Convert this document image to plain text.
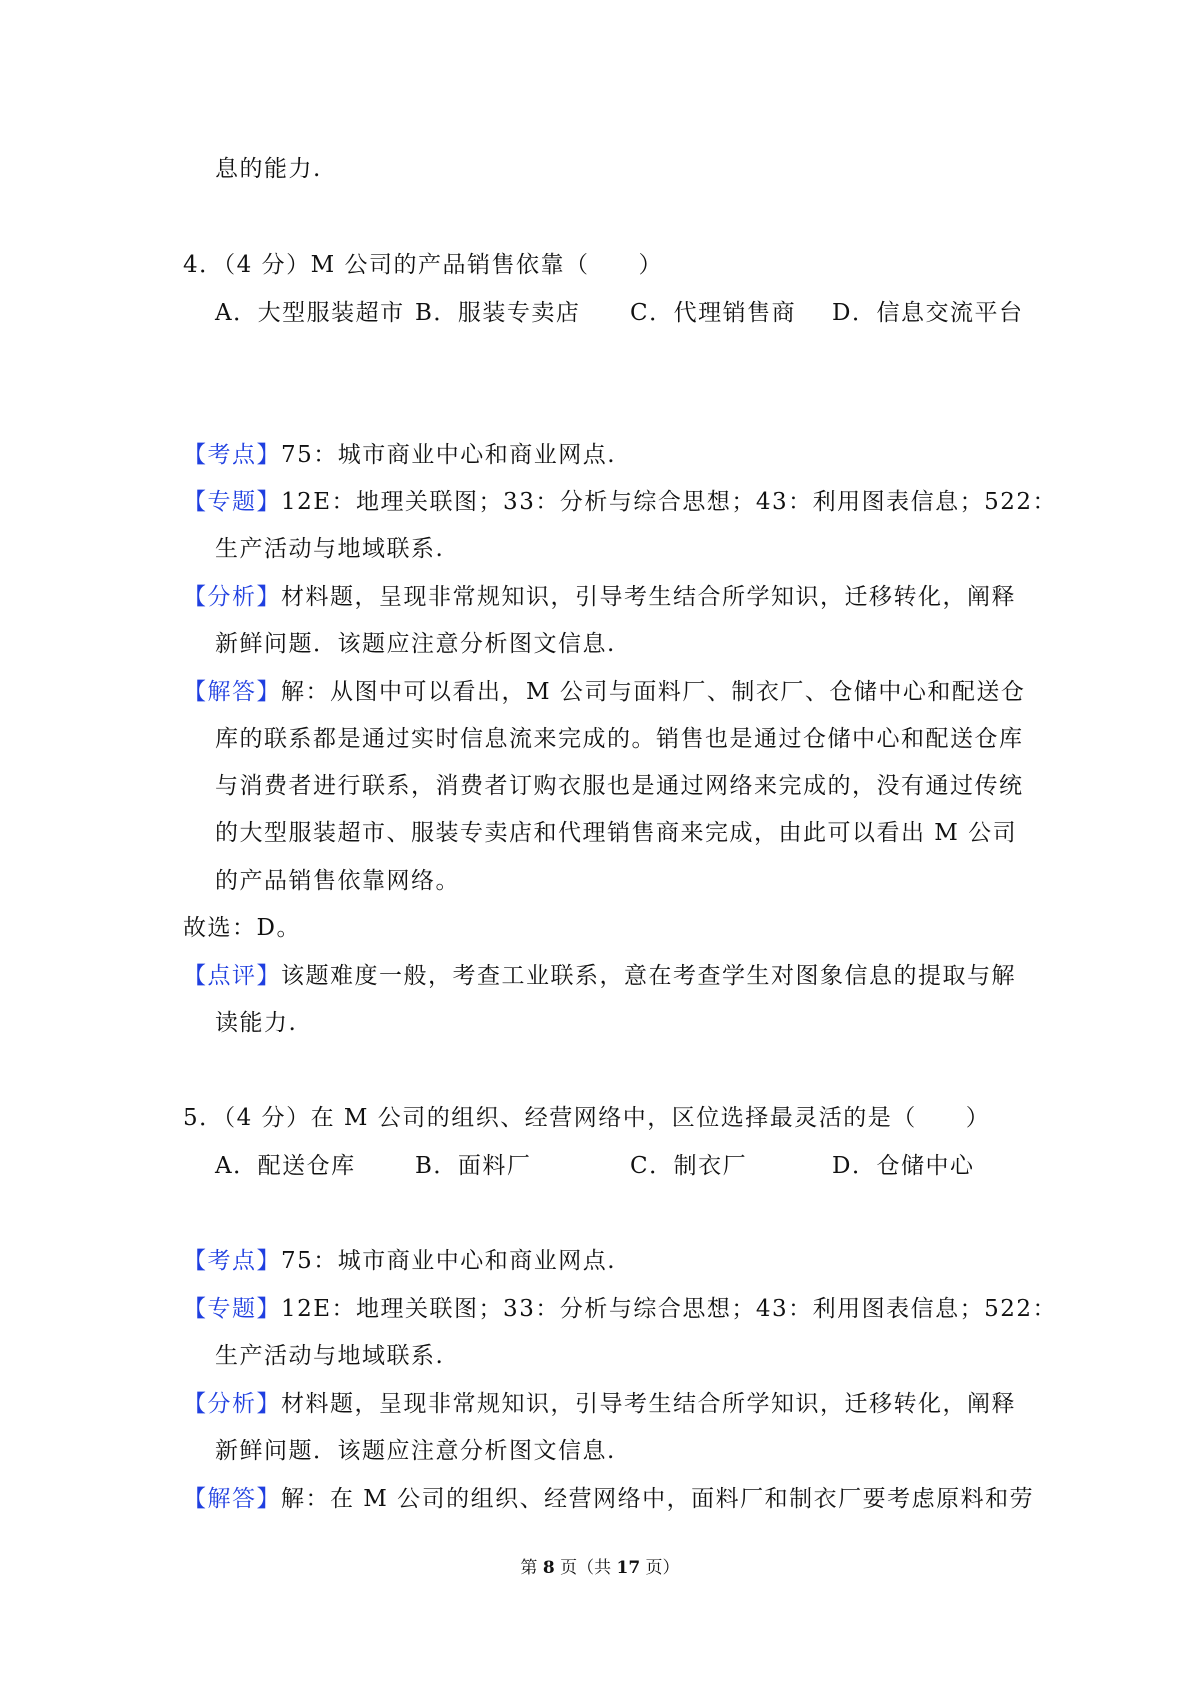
息的能力.
4．（4 分）M 公司的产品销售依靠（　　）
A．大型服装超市 B．服装专卖店 C．代理销售商 D．信息交流平台
【考点】75：城市商业中心和商业网点.
【专题】12E：地理关联图；33：分析与综合思想；43：利用图表信息；522：
生产活动与地域联系.
【分析】材料题，呈现非常规知识，引导考生结合所学知识，迁移转化，阐释
新鲜问题．该题应注意分析图文信息.
【解答】解：从图中可以看出，M 公司与面料厂、制衣厂、仓储中心和配送仓
库的联系都是通过实时信息流来完成的。销售也是通过仓储中心和配送仓库
与消费者进行联系，消费者订购衣服也是通过网络来完成的，没有通过传统
的大型服装超市、服装专卖店和代理销售商来完成，由此可以看出 M 公司
的产品销售依靠网络。
故选：D。
【点评】该题难度一般，考查工业联系，意在考查学生对图象信息的提取与解
读能力.
5．（4 分）在 M 公司的组织、经营网络中，区位选择最灵活的是（　　）
A．配送仓库	B．面料厂	C．制衣厂	D．仓储中心
【考点】75：城市商业中心和商业网点.
【专题】12E：地理关联图；33：分析与综合思想；43：利用图表信息；522：
生产活动与地域联系.
【分析】材料题，呈现非常规知识，引导考生结合所学知识，迁移转化，阐释
新鲜问题．该题应注意分析图文信息.
【解答】解：在 M 公司的组织、经营网络中，面料厂和制衣厂要考虑原料和劳
第 8 页（共 17 页）
